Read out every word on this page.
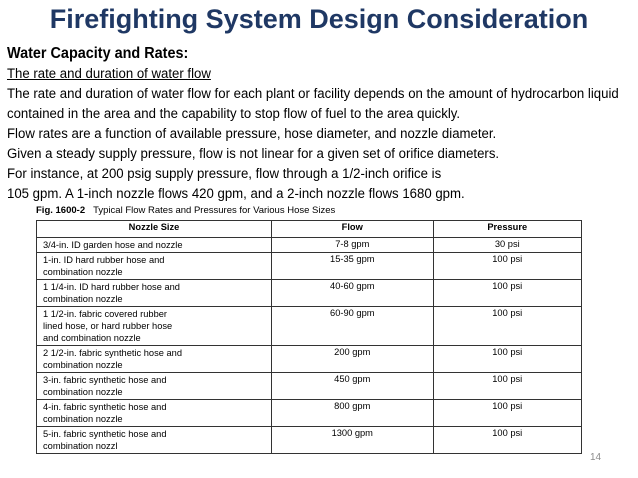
Firefighting System Design Consideration
Water Capacity and Rates:
The rate and duration of water flow
The rate and duration of water flow for each plant or facility depends on the amount of hydrocarbon liquid
contained in the area and the capability to stop flow of fuel to the area quickly.
Flow rates are a function of available pressure, hose diameter, and nozzle diameter.
Given a steady supply pressure, flow is not linear for a given set of orifice diameters.
For instance, at 200 psig supply pressure, flow through a 1/2-inch orifice is
105 gpm. A 1-inch nozzle flows 420 gpm, and a 2-inch nozzle flows 1680 gpm.
Fig. 1600-2 Typical Flow Rates and Pressures for Various Hose Sizes
Nozzle Size	Flow	Pressure

3/4-in. ID garden hose and nozzle	7-8 gpm	30 psi

1-in. ID hard rubber hose and
combination nozzle	15-35 gpm	100 psi

1 1/4-in. ID hard rubber hose and
combination nozzle	40-60 gpm	100 psi

1 1/2-in. fabric covered rubber
lined hose, or hard rubber hose
and combination nozzle	60-90 gpm	100 psi

2 1/2-in. fabric synthetic hose and
combination nozzle	200 gpm	100 psi

3-in. fabric synthetic hose and
combination nozzle	450 gpm	100 psi

4-in. fabric synthetic hose and
combination nozzle	800 gpm	100 psi

5-in. fabric synthetic hose and
combination nozzl	1300 gpm	100 psi
14
